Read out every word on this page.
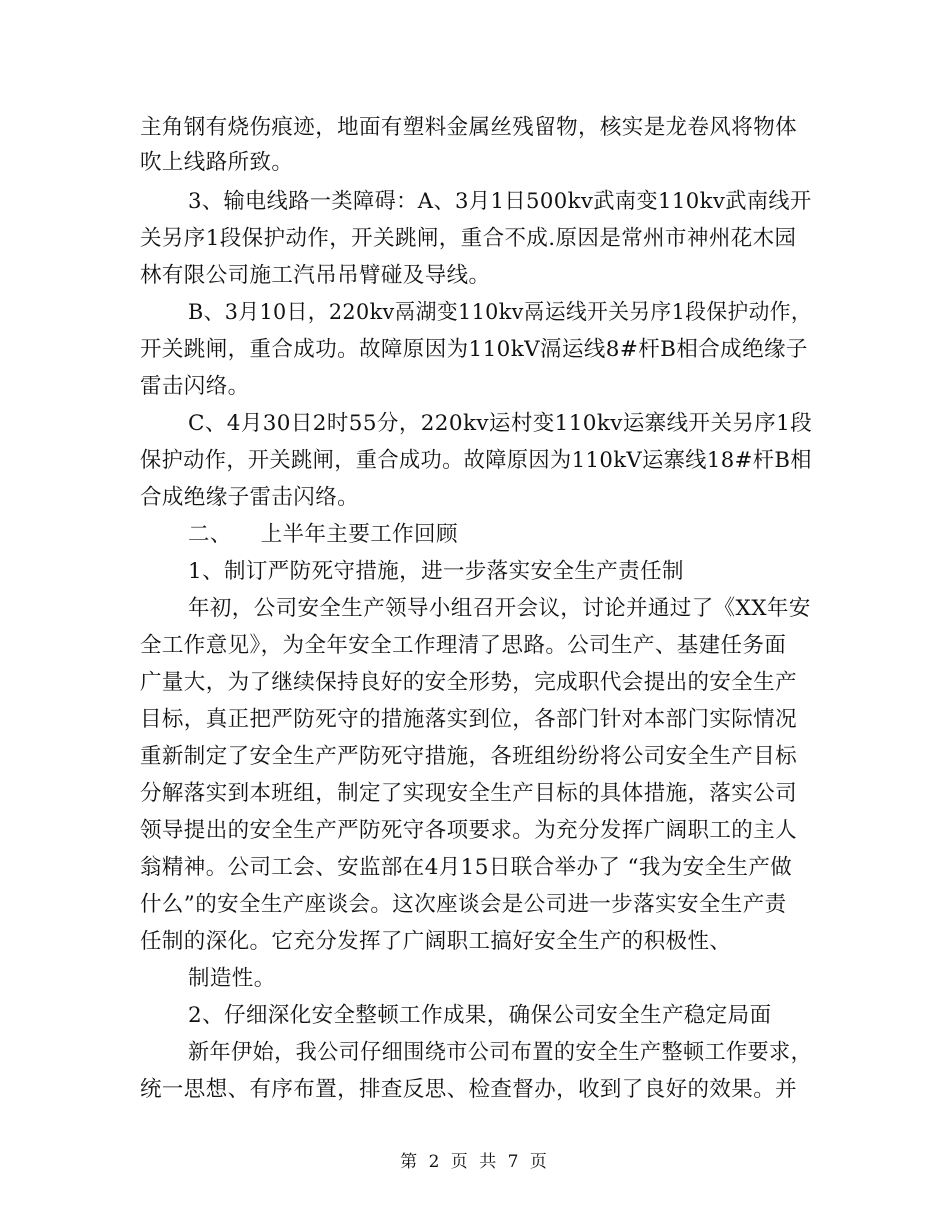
主角钢有烧伤痕迹，地面有塑料金属丝残留物，核实是龙卷风将物体
吹上线路所致。
3、输电线路一类障碍：A、3月1日500kv武南变110kv武南线开
关另序1段保护动作，开关跳闸，重合不成.原因是常州市神州花木园
林有限公司施工汽吊吊臂碰及导线。
B、3月10日，220kv鬲湖变110kv鬲运线开关另序1段保护动作，
开关跳闸，重合成功。故障原因为110kV滆运线8#杆B相合成绝缘子
雷击闪络。
C、4月30日2时55分，220kv运村变110kv运寨线开关另序1段
保护动作，开关跳闸，重合成功。故障原因为110kV运寨线18#杆B相
合成绝缘子雷击闪络。
二、    上半年主要工作回顾
1、制订严防死守措施，进一步落实安全生产责任制
年初，公司安全生产领导小组召开会议，讨论并通过了《XX年安
全工作意见》，为全年安全工作理清了思路。公司生产、基建任务面
广量大，为了继续保持良好的安全形势，完成职代会提出的安全生产
目标，真正把严防死守的措施落实到位，各部门针对本部门实际情况
重新制定了安全生产严防死守措施，各班组纷纷将公司安全生产目标
分解落实到本班组，制定了实现安全生产目标的具体措施，落实公司
领导提出的安全生产严防死守各项要求。为充分发挥广阔职工的主人
翁精神。公司工会、安监部在4月15日联合举办了 “我为安全生产做
什么”的安全生产座谈会。这次座谈会是公司进一步落实安全生产责
任制的深化。它充分发挥了广阔职工搞好安全生产的积极性、
制造性。
2、仔细深化安全整顿工作成果，确保公司安全生产稳定局面
新年伊始，我公司仔细围绕市公司布置的安全生产整顿工作要求，
统一思想、有序布置，排查反思、检查督办，收到了良好的效果。并
第 2 页 共 7 页
